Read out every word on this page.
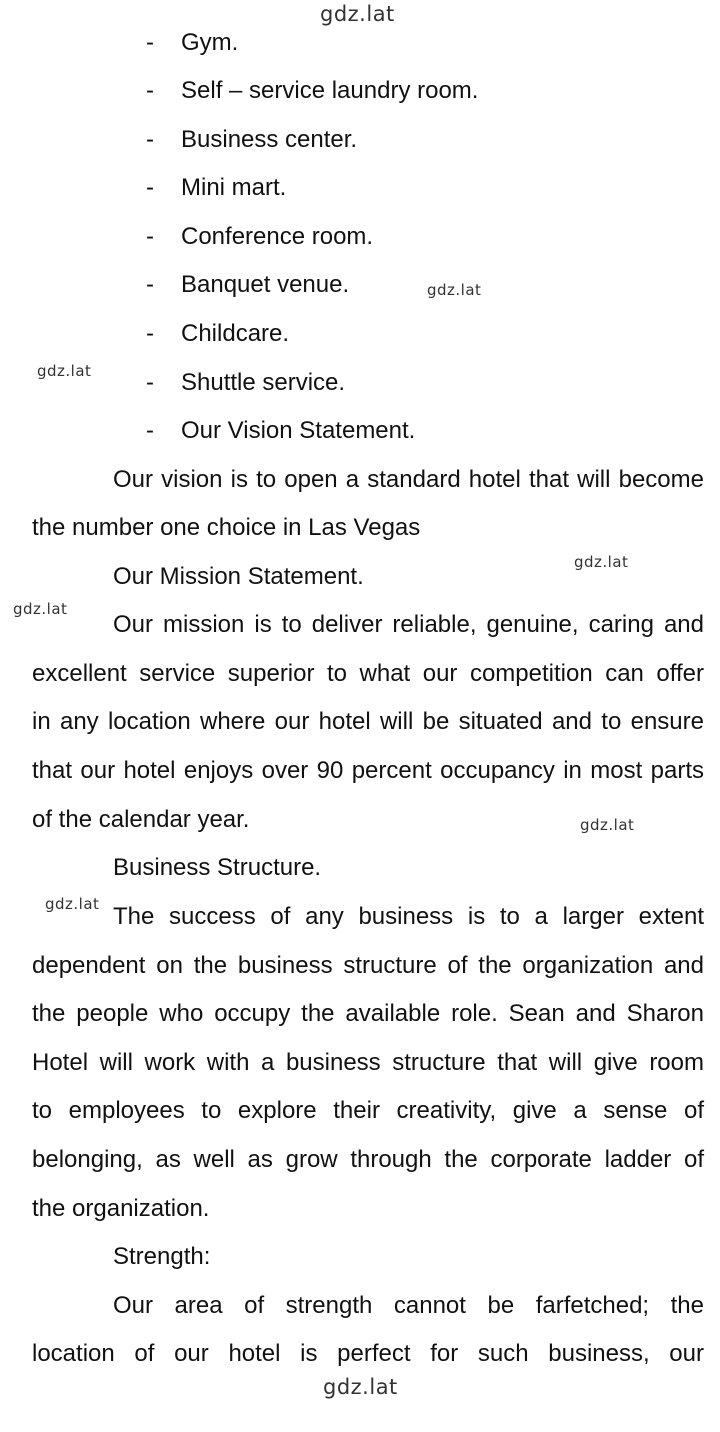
gdz.lat
gdz.lat
gdz.lat
gdz.lat
gdz.lat
gdz.lat
gdz.lat
gdz.lat
- Gym.
- Self – service laundry room.
- Business center.
- Mini mart.
- Conference room.
- Banquet venue.
- Childcare.
- Shuttle service.
- Our Vision Statement.
Our vision is to open a standard hotel that will become
the number one choice in Las Vegas
Our Mission Statement.
Our mission is to deliver reliable, genuine, caring and
excellent service superior to what our competition can offer
in any location where our hotel will be situated and to ensure
that our hotel enjoys over 90 percent occupancy in most parts
of the calendar year.
Business Structure.
The success of any business is to a larger extent
dependent on the business structure of the organization and
the people who occupy the available role. Sean and Sharon
Hotel will work with a business structure that will give room
to employees to explore their creativity, give a sense of
belonging, as well as grow through the corporate ladder of
the organization.
Strength:
Our area of strength cannot be farfetched; the
location of our hotel is perfect for such business, our
